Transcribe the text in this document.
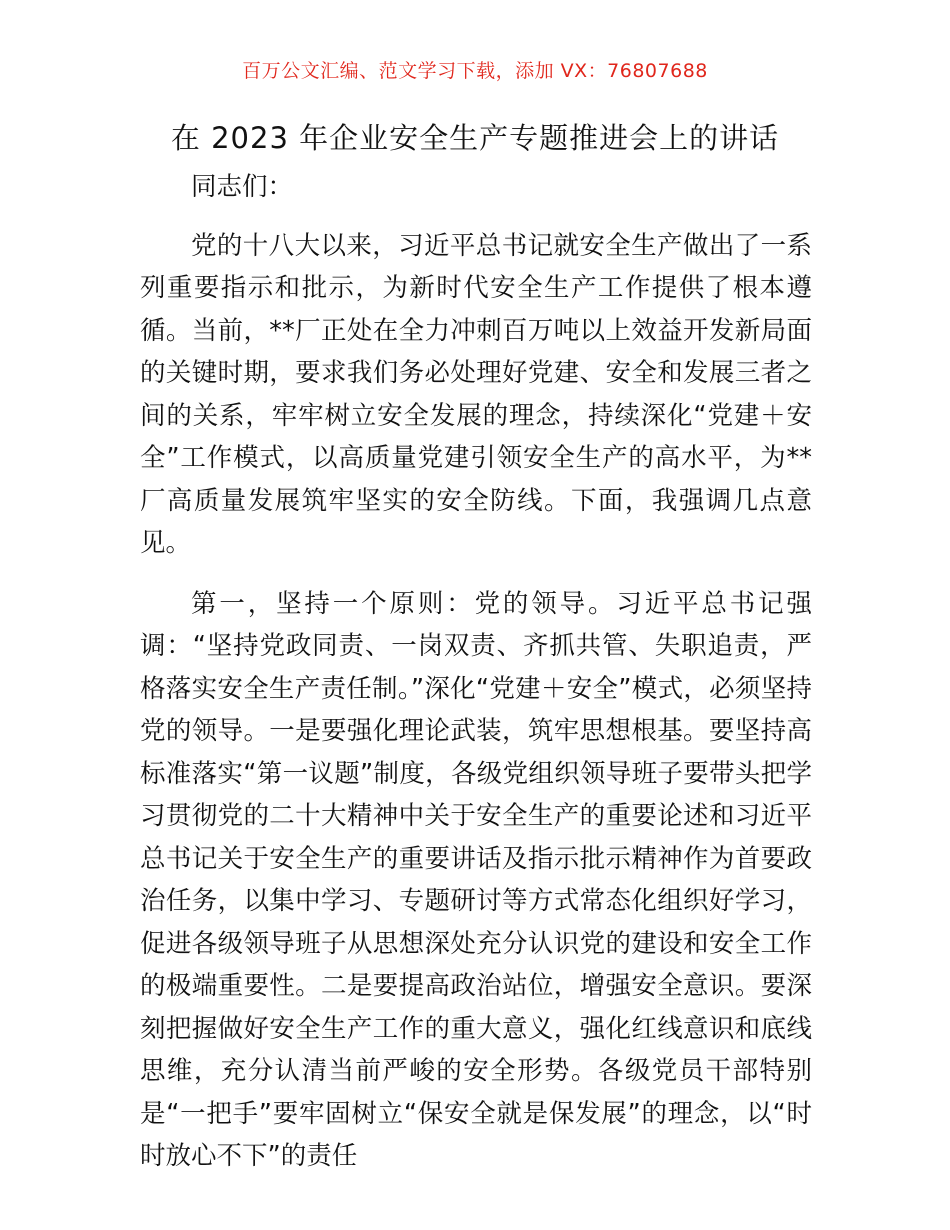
百万公文汇编、范文学习下载，添加 VX：76807688
在 2023 年企业安全生产专题推进会上的讲话

同志们：

党的十八大以来，习近平总书记就安全生产做出了一系列重要指示和批示，为新时代安全生产工作提供了根本遵循。当前，**厂正处在全力冲刺百万吨以上效益开发新局面的关键时期，要求我们务必处理好党建、安全和发展三者之间的关系，牢牢树立安全发展的理念，持续深化“党建＋安全”工作模式，以高质量党建引领安全生产的高水平，为**厂高质量发展筑牢坚实的安全防线。下面，我强调几点意见。

第一，坚持一个原则：党的领导。习近平总书记强调：“坚持党政同责、一岗双责、齐抓共管、失职追责，严格落实安全生产责任制。”深化“党建＋安全”模式，必须坚持党的领导。一是要强化理论武装，筑牢思想根基。要坚持高标准落实“第一议题”制度，各级党组织领导班子要带头把学习贯彻党的二十大精神中关于安全生产的重要论述和习近平总书记关于安全生产的重要讲话及指示批示精神作为首要政治任务，以集中学习、专题研讨等方式常态化组织好学习，促进各级领导班子从思想深处充分认识党的建设和安全工作的极端重要性。二是要提高政治站位，增强安全意识。要深刻把握做好安全生产工作的重大意义，强化红线意识和底线思维，充分认清当前严峻的安全形势。各级党员干部特别是“一把手”要牢固树立“保安全就是保发展”的理念，以“时时放心不下”的责任
